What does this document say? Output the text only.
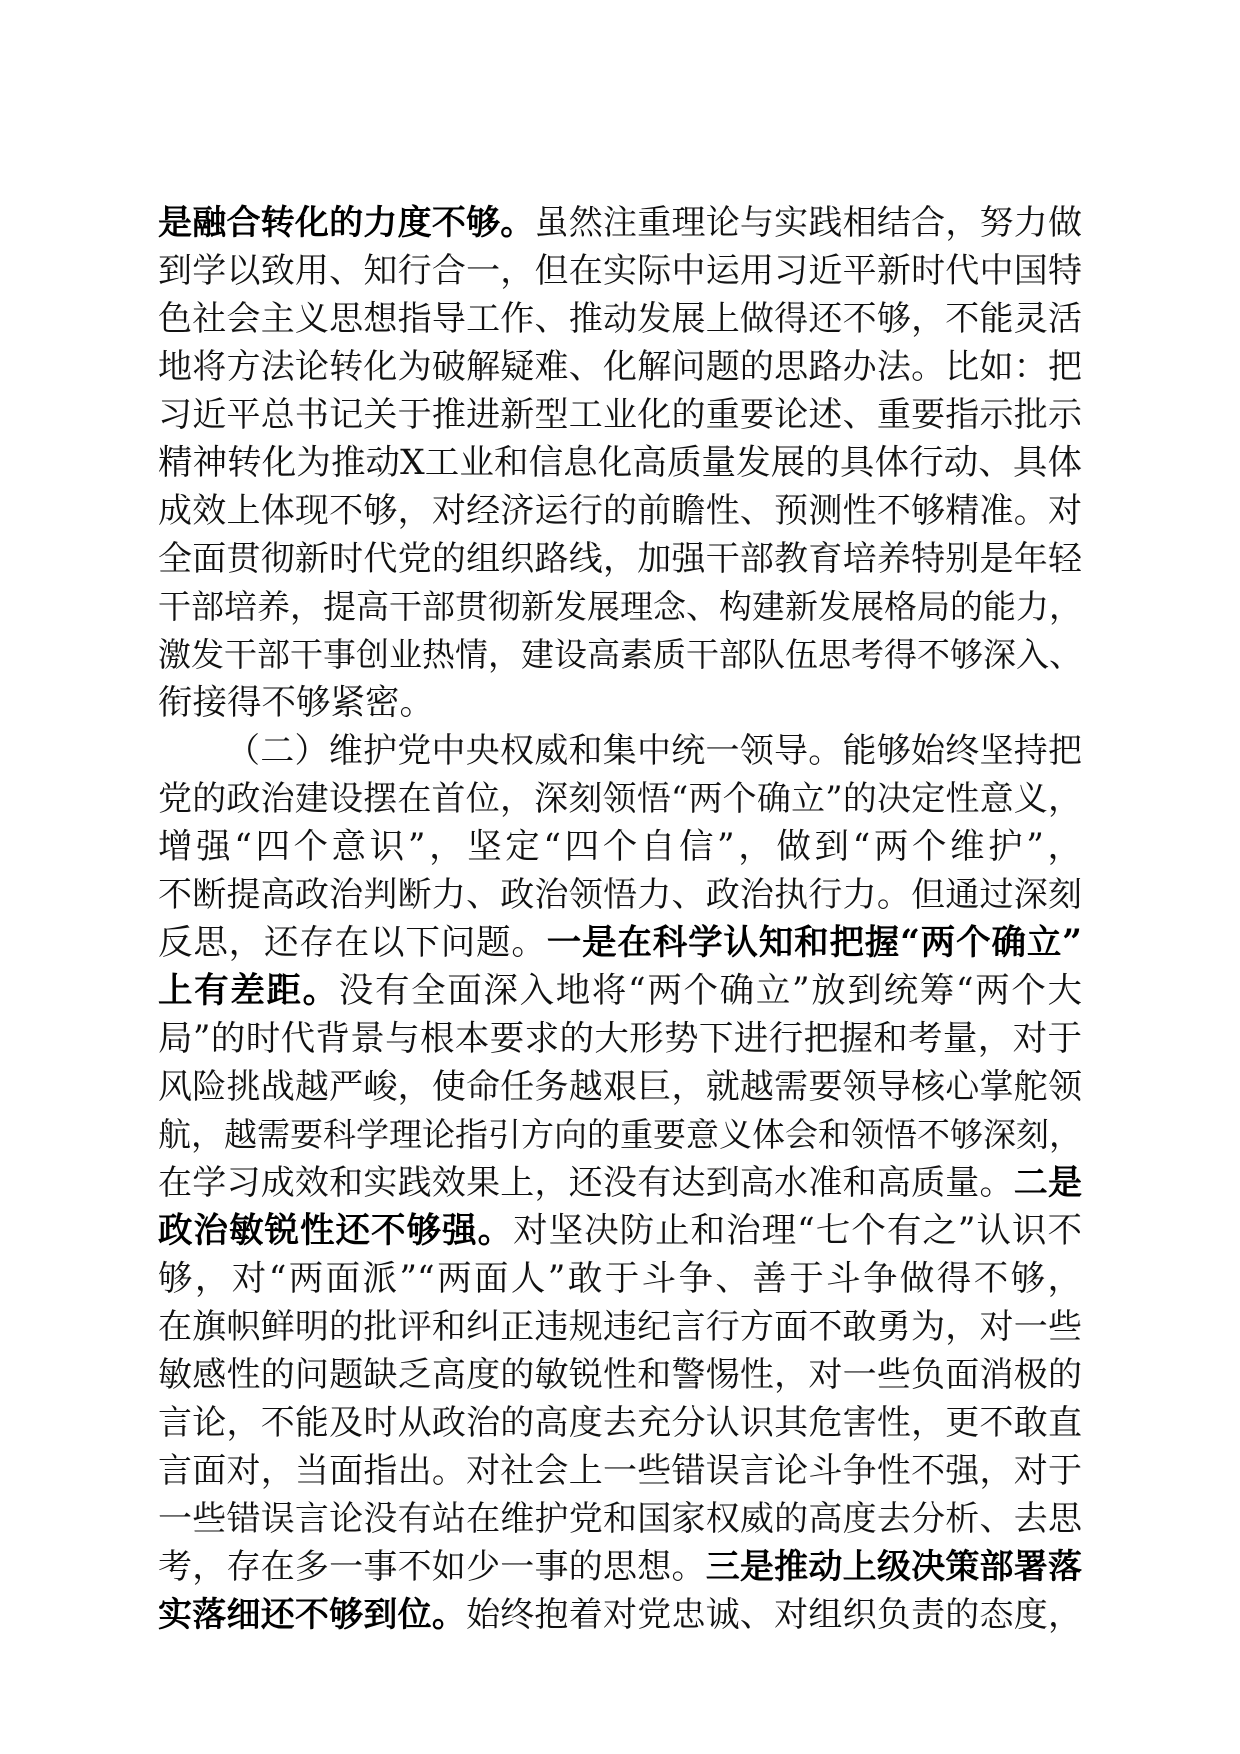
是融合转化的力度不够。虽然注重理论与实践相结合，努力做
到学以致用、知行合一，但在实际中运用习近平新时代中国特
色社会主义思想指导工作、推动发展上做得还不够，不能灵活
地将方法论转化为破解疑难、化解问题的思路办法。比如：把
习近平总书记关于推进新型工业化的重要论述、重要指示批示
精神转化为推动X工业和信息化高质量发展的具体行动、具体
成效上体现不够，对经济运行的前瞻性、预测性不够精准。对
全面贯彻新时代党的组织路线，加强干部教育培养特别是年轻
干部培养，提高干部贯彻新发展理念、构建新发展格局的能力，
激发干部干事创业热情，建设高素质干部队伍思考得不够深入、
衔接得不够紧密。
（二）维护党中央权威和集中统一领导。能够始终坚持把
党的政治建设摆在首位，深刻领悟“两个确立”的决定性意义，
增强“四个意识”，坚定“四个自信”，做到“两个维护”，
不断提高政治判断力、政治领悟力、政治执行力。但通过深刻
反思，还存在以下问题。一是在科学认知和把握“两个确立”
上有差距。没有全面深入地将“两个确立”放到统筹“两个大
局”的时代背景与根本要求的大形势下进行把握和考量，对于
风险挑战越严峻，使命任务越艰巨，就越需要领导核心掌舵领
航，越需要科学理论指引方向的重要意义体会和领悟不够深刻，
在学习成效和实践效果上，还没有达到高水准和高质量。二是
政治敏锐性还不够强。对坚决防止和治理“七个有之”认识不
够，对“两面派”“两面人”敢于斗争、善于斗争做得不够，
在旗帜鲜明的批评和纠正违规违纪言行方面不敢勇为，对一些
敏感性的问题缺乏高度的敏锐性和警惕性，对一些负面消极的
言论，不能及时从政治的高度去充分认识其危害性，更不敢直
言面对，当面指出。对社会上一些错误言论斗争性不强，对于
一些错误言论没有站在维护党和国家权威的高度去分析、去思
考，存在多一事不如少一事的思想。三是推动上级决策部署落
实落细还不够到位。始终抱着对党忠诚、对组织负责的态度，
